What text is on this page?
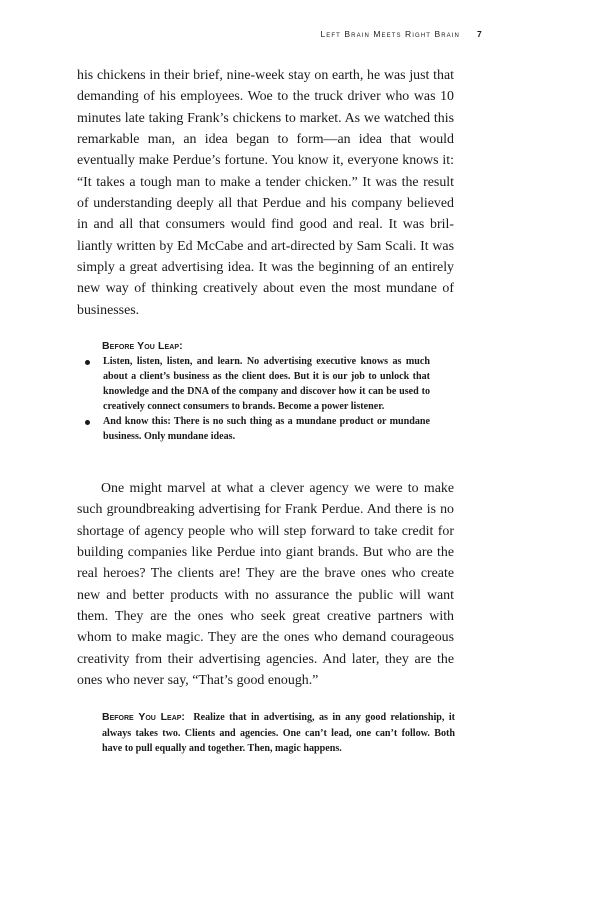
Left Brain Meets Right Brain 7

his chickens in their brief, nine-week stay on earth, he was just that demanding of his employees. Woe to the truck driver who was 10 minutes late taking Frank’s chickens to market. As we watched this remarkable man, an idea began to form—an idea that would eventually make Perdue’s fortune. You know it, everyone knows it: “It takes a tough man to make a tender chicken.” It was the result of understanding deeply all that Perdue and his company believed in and all that consumers would find good and real. It was brilliantly written by Ed McCabe and art-directed by Sam Scali. It was simply a great advertising idea. It was the beginning of an entirely new way of thinking creatively about even the most mundane of businesses.

Before You Leap:
Listen, listen, listen, and learn. No advertising executive knows as much about a client’s business as the client does. But it is our job to unlock that knowledge and the DNA of the company and discover how it can be used to creatively connect consumers to brands. Become a power listener.
And know this: There is no such thing as a mundane product or mundane business. Only mundane ideas.

One might marvel at what a clever agency we were to make such groundbreaking advertising for Frank Perdue. And there is no shortage of agency people who will step forward to take credit for building companies like Perdue into giant brands. But who are the real heroes? The clients are! They are the brave ones who create new and better products with no assurance the public will want them. They are the ones who seek great creative partners with whom to make magic. They are the ones who demand courageous creativity from their advertising agencies. And later, they are the ones who never say, “That’s good enough.”

Before You Leap: Realize that in advertising, as in any good relationship, it always takes two. Clients and agencies. One can’t lead, one can’t follow. Both have to pull equally and together. Then, magic happens.
